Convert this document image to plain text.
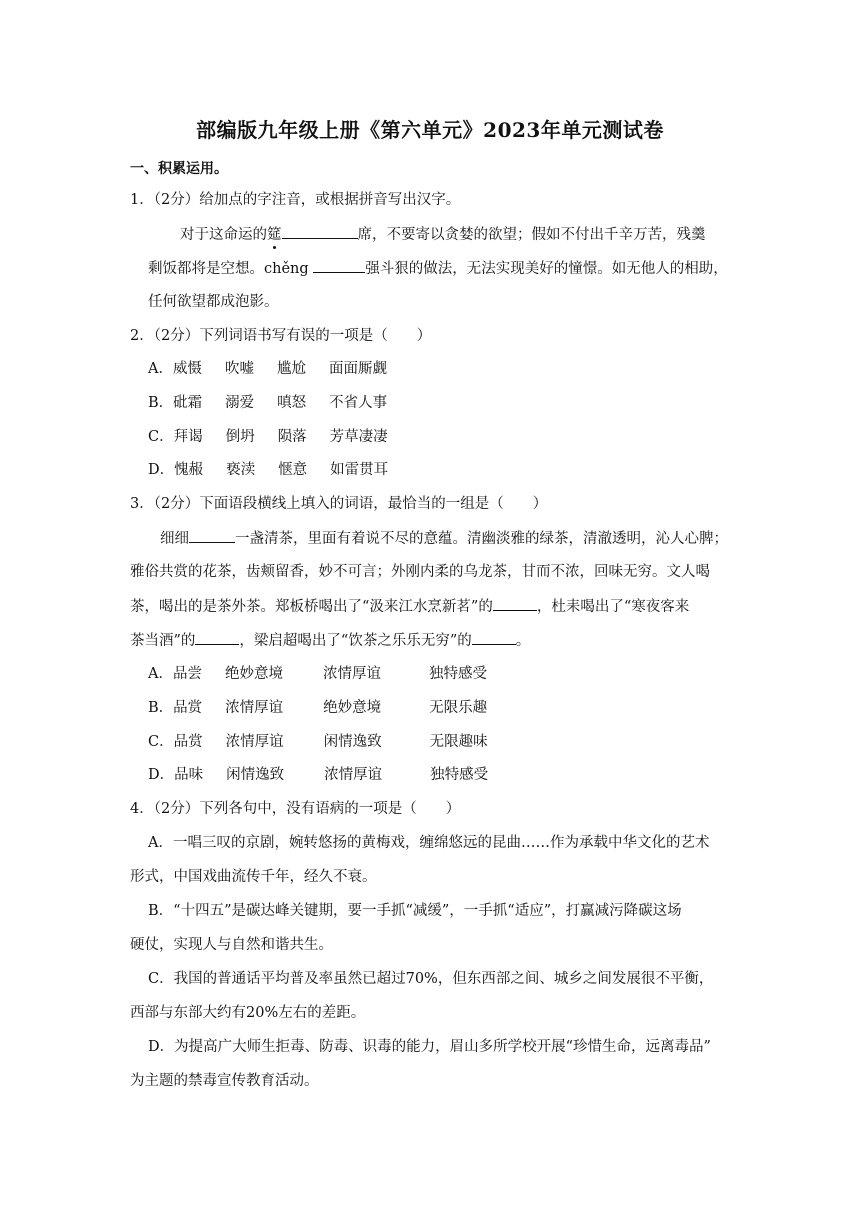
部编版九年级上册《第六单元》2023年单元测试卷
一、积累运用。
1．（2分）给加点的字注音，或根据拼音写出汉字。
对于这命运的筵	席，不要寄以贪婪的欲望；假如不付出千辛万苦，残羹
剩饭都将是空想。chěng	强斗狠的做法，无法实现美好的憧憬。如无他人的相助，
任何欲望都成泡影。
2．（2分）下列词语书写有误的一项是（　　）
A．威慑 吹嘘 尴尬 面面厮觑
B．砒霜 溺爱 嗔怒 不省人事
C．拜谒 倒坍 陨落 芳草凄凄
D．愧赧 亵渎 惬意 如雷贯耳
3．（2分）下面语段横线上填入的词语，最恰当的一组是（　　）
细细	一盏清茶，里面有着说不尽的意蕴。清幽淡雅的绿茶，清澈透明，沁人心脾；
雅俗共赏的花茶，齿颊留香，妙不可言；外刚内柔的乌龙茶，甘而不浓，回味无穷。文人喝
茶，喝出的是茶外茶。郑板桥喝出了“汲来江水烹新茗”的	，杜耒喝出了“寒夜客来
茶当酒”的	，梁启超喝出了“饮茶之乐乐无穷”的	。
A．品尝 绝妙意境	浓情厚谊	独特感受
B．品赏 浓情厚谊	绝妙意境	无限乐趣
C．品赏 浓情厚谊	闲情逸致	无限趣味
D．品味 闲情逸致	浓情厚谊	独特感受
4．（2分）下列各句中，没有语病的一项是（　　）
A．一唱三叹的京剧，婉转悠扬的黄梅戏，缠绵悠远的昆曲……作为承载中华文化的艺术
形式，中国戏曲流传千年，经久不衰。
B．“十四五”是碳达峰关键期，要一手抓“减缓”，一手抓“适应”，打赢减污降碳这场
硬仗，实现人与自然和谐共生。
C．我国的普通话平均普及率虽然已超过70%，但东西部之间、城乡之间发展很不平衡，
西部与东部大约有20%左右的差距。
D．为提高广大师生拒毒、防毒、识毒的能力，眉山多所学校开展“珍惜生命，远离毒品”
为主题的禁毒宣传教育活动。
